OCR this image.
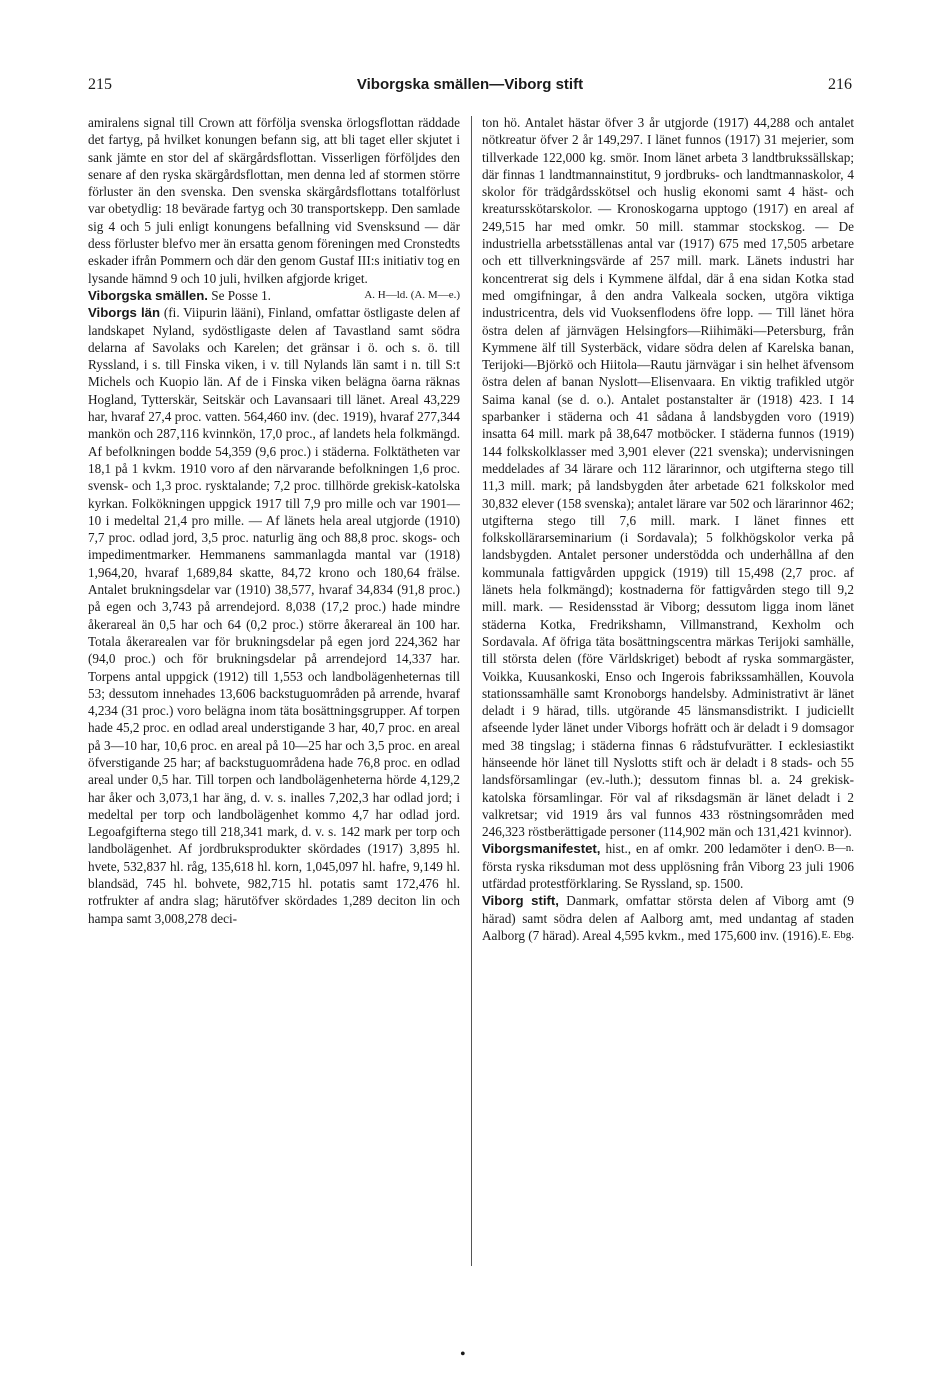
215	Viborgska smällen—Viborg stift	216

amiralens signal till Crown att förfölja svenska örlogsflottan räddade det fartyg, på hvilket konungen befann sig, att bli taget eller skjutet i sank jämte en stor del af skärgårdsflottan. Visserligen förföljdes den senare af den ryska skärgårdsflottan, men denna led af stormen större förluster än den svenska. Den svenska skärgårdsflottans totalförlust var obetydlig: 18 bevärade fartyg och 30 transportskepp. Den samlade sig 4 och 5 juli enligt konungens befallning vid Svensksund — där dess förluster blefvo mer än ersatta genom föreningen med Cronstedts eskader ifrån Pommern och där den genom Gustaf III:s initiativ tog en lysande hämnd 9 och 10 juli, hvilken afgjorde kriget.
A. H—ld. (A. M—e.)

Viborgska smällen. Se Posse 1.

Viborgs län (fi. Viipurin lääni), Finland, omfattar östligaste delen af landskapet Nyland, sydöstligaste delen af Tavastland samt södra delarna af Savolaks och Karelen; det gränsar i ö. och s. ö. till Ryssland, i s. till Finska viken, i v. till Nylands län samt i n. till S:t Michels och Kuopio län. Af de i Finska viken belägna öarna räknas Hogland, Tytterskär, Seitskär och Lavansaari till länet. Areal 43,229 har, hvaraf 27,4 proc. vatten. 564,460 inv. (dec. 1919), hvaraf 277,344 mankön och 287,116 kvinnkön, 17,0 proc., af landets hela folkmängd. Af befolkningen bodde 54,359 (9,6 proc.) i städerna. Folktätheten var 18,1 på 1 kvkm. 1910 voro af den närvarande befolkningen 1,6 proc. svensk- och 1,3 proc. rysktalande; 7,2 proc. tillhörde grekisk-katolska kyrkan. Folkökningen uppgick 1917 till 7,9 pro mille och var 1901—10 i medeltal 21,4 pro mille. — Af länets hela areal utgjorde (1910) 7,7 proc. odlad jord, 3,5 proc. naturlig äng och 88,8 proc. skogs- och impedimentmarker. Hemmanens sammanlagda mantal var (1918) 1,964,20, hvaraf 1,689,84 skatte, 84,72 krono och 180,64 frälse. Antalet brukningsdelar var (1910) 38,577, hvaraf 34,834 (91,8 proc.) på egen och 3,743 på arrendejord. 8,038 (17,2 proc.) hade mindre åkerareal än 0,5 har och 64 (0,2 proc.) större åkerareal än 100 har. Totala åkerarealen var för brukningsdelar på egen jord 224,362 har (94,0 proc.) och för brukningsdelar på arrendejord 14,337 har. Torpens antal uppgick (1912) till 1,553 och landbolägenheternas till 53; dessutom innehades 13,606 backstuguområden på arrende, hvaraf 4,234 (31 proc.) voro belägna inom täta bosättningsgrupper. Af torpen hade 45,2 proc. en odlad areal understigande 3 har, 40,7 proc. en areal på 3—10 har, 10,6 proc. en areal på 10—25 har och 3,5 proc. en areal öfverstigande 25 har; af backstuguområdena hade 76,8 proc. en odlad areal under 0,5 har. Till torpen och landbolägenheterna hörde 4,129,2 har åker och 3,073,1 har äng, d. v. s. inalles 7,202,3 har odlad jord; i medeltal per torp och landbolägenhet kommo 4,7 har odlad jord. Legoafgifterna stego till 218,341 mark, d. v. s. 142 mark per torp och landbolägenhet. Af jordbruksprodukter skördades (1917) 3,895 hl. hvete, 532,837 hl. råg, 135,618 hl. korn, 1,045,097 hl. hafre, 9,149 hl. blandsäd, 745 hl. bohvete, 982,715 hl. potatis samt 172,476 hl. rotfrukter af andra slag; härutöfver skördades 1,289 deciton lin och hampa samt 3,008,278 deci-

ton hö. Antalet hästar öfver 3 år utgjorde (1917) 44,288 och antalet nötkreatur öfver 2 år 149,297. I länet funnos (1917) 31 mejerier, som tillverkade 122,000 kg. smör. Inom länet arbeta 3 landtbrukssällskap; där finnas 1 landtmannainstitut, 9 jordbruks- och landtmannaskolor, 4 skolor för trädgårdsskötsel och huslig ekonomi samt 4 häst- och kreatursskötarskolor. — Kronoskogarna upptogo (1917) en areal af 249,515 har med omkr. 50 mill. stammar stockskog. — De industriella arbetsställenas antal var (1917) 675 med 17,505 arbetare och ett tillverkningsvärde af 257 mill. mark. Länets industri har koncentrerat sig dels i Kymmene älfdal, där å ena sidan Kotka stad med omgifningar, å den andra Valkeala socken, utgöra viktiga industricentra, dels vid Vuoksenflodens öfre lopp. — Till länet höra östra delen af järnvägen Helsingfors—Riihimäki—Petersburg, från Kymmene älf till Systerbäck, vidare södra delen af Karelska banan, Terijoki—Björkö och Hiitola—Rautu järnvägar i sin helhet äfvensom östra delen af banan Nyslott—Elisenvaara. En viktig trafikled utgör Saima kanal (se d. o.). Antalet postanstalter är (1918) 423. I 14 sparbanker i städerna och 41 sådana å landsbygden voro (1919) insatta 64 mill. mark på 38,647 motböcker. I städerna funnos (1919) 144 folkskolklasser med 3,901 elever (221 svenska); undervisningen meddelades af 34 lärare och 112 lärarinnor, och utgifterna stego till 11,3 mill. mark; på landsbygden åter arbetade 621 folkskolor med 30,832 elever (158 svenska); antalet lärare var 502 och lärarinnor 462; utgifterna stego till 7,6 mill. mark. I länet finnes ett folkskollärarseminarium (i Sordavala); 5 folkhögskolor verka på landsbygden. Antalet personer understödda och underhållna af den kommunala fattigvården uppgick (1919) till 15,498 (2,7 proc. af länets hela folkmängd); kostnaderna för fattigvården stego till 9,2 mill. mark. — Residensstad är Viborg; dessutom ligga inom länet städerna Kotka, Fredrikshamn, Villmanstrand, Kexholm och Sordavala. Af öfriga täta bosättningscentra märkas Terijoki samhälle, till största delen (före Världskriget) bebodt af ryska sommargäster, Voikka, Kuusankoski, Enso och Ingerois fabrikssamhällen, Kouvola stationssamhälle samt Kronoborgs handelsby. Administrativt är länet deladt i 9 härad, tills. utgörande 45 länsmansdistrikt. I judiciellt afseende lyder länet under Viborgs hofrätt och är deladt i 9 domsagor med 38 tingslag; i städerna finnas 6 rådstufvurätter. I ecklesiastikt hänseende hör länet till Nyslotts stift och är deladt i 8 stads- och 55 landsförsamlingar (ev.-luth.); dessutom finnas bl. a. 24 grekisk-katolska församlingar. För val af riksdagsmän är länet deladt i 2 valkretsar; vid 1919 års val funnos 433 röstningsområden med 246,323 röstberättigade personer (114,902 män och 131,421 kvinnor).
O. B—n.

Viborgsmanifestet, hist., en af omkr. 200 ledamöter i den första ryska riksduman mot dess upplösning från Viborg 23 juli 1906 utfärdad protestförklaring. Se Ryssland, sp. 1500.

Viborg stift, Danmark, omfattar största delen af Viborg amt (9 härad) samt södra delen af Aalborg amt, med undantag af staden Aalborg (7 härad). Areal 4,595 kvkm., med 175,600 inv. (1916). E. Ebg.

•
